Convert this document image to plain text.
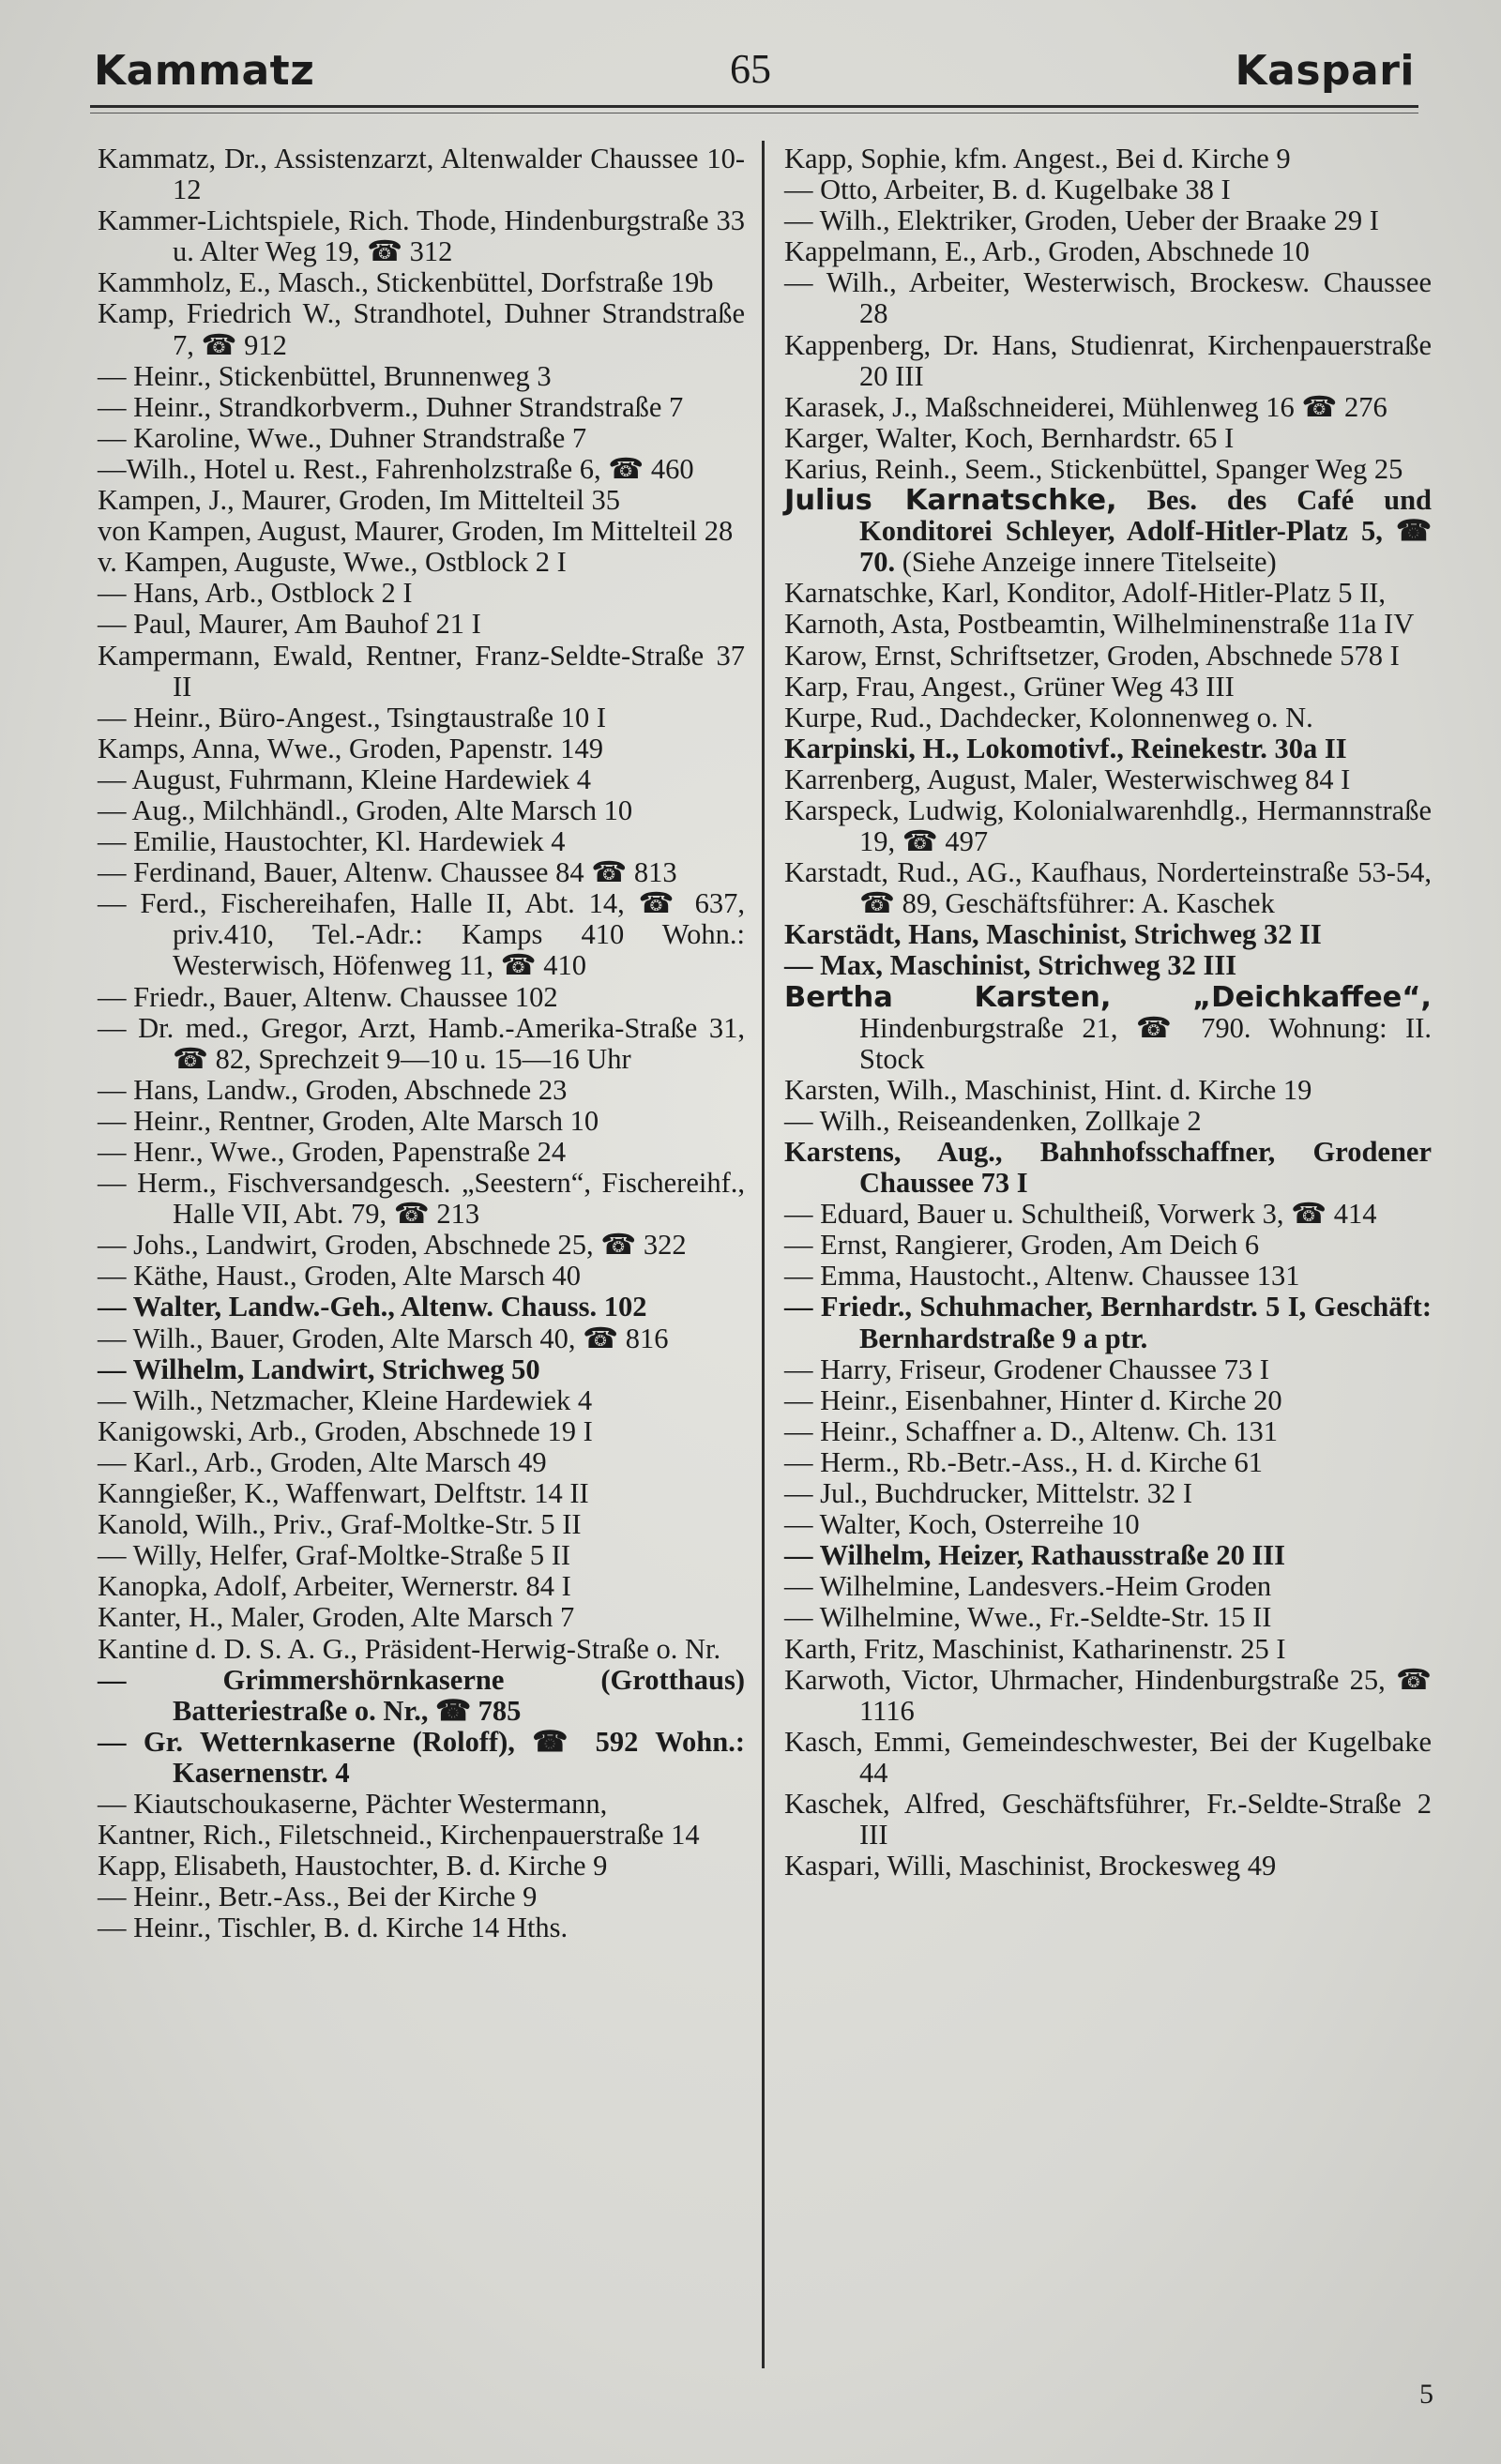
Kammatz	65	Kaspari

Kammatz, Dr., Assistenzarzt, Altenwalder Chaussee 10-12

Kammer-Lichtspiele, Rich. Thode, Hindenburgstraße 33 u. Alter Weg 19, ☎ 312

Kammholz, E., Masch., Stickenbüttel, Dorfstraße 19b

Kamp, Friedrich W., Strandhotel, Duhner Strandstraße 7, ☎ 912

— Heinr., Stickenbüttel, Brunnenweg 3

— Heinr., Strandkorbverm., Duhner Strandstraße 7

— Karoline, Wwe., Duhner Strandstraße 7

—Wilh., Hotel u. Rest., Fahrenholzstraße 6, ☎ 460

Kampen, J., Maurer, Groden, Im Mittelteil 35

von Kampen, August, Maurer, Groden, Im Mittelteil 28

v. Kampen, Auguste, Wwe., Ostblock 2 I

— Hans, Arb., Ostblock 2 I

— Paul, Maurer, Am Bauhof 21 I

Kampermann, Ewald, Rentner, Franz-Seldte-Straße 37 II

— Heinr., Büro-Angest., Tsingtaustraße 10 I

Kamps, Anna, Wwe., Groden, Papenstr. 149

— August, Fuhrmann, Kleine Hardewiek 4

— Aug., Milchhändl., Groden, Alte Marsch 10

— Emilie, Haustochter, Kl. Hardewiek 4

— Ferdinand, Bauer, Altenw. Chaussee 84 ☎ 813

— Ferd., Fischereihafen, Halle II, Abt. 14, ☎ 637, priv.410, Tel.-Adr.: Kamps 410 Wohn.: Westerwisch, Höfenweg 11, ☎ 410

— Friedr., Bauer, Altenw. Chaussee 102

— Dr. med., Gregor, Arzt, Hamb.-Amerika-Straße 31, ☎ 82, Sprechzeit 9—10 u. 15—16 Uhr

— Hans, Landw., Groden, Abschnede 23

— Heinr., Rentner, Groden, Alte Marsch 10

— Henr., Wwe., Groden, Papenstraße 24

— Herm., Fischversandgesch. „Seestern“, Fischereihf., Halle VII, Abt. 79, ☎ 213

— Johs., Landwirt, Groden, Abschnede 25, ☎ 322

— Käthe, Haust., Groden, Alte Marsch 40

— Walter, Landw.-Geh., Altenw. Chauss. 102

— Wilh., Bauer, Groden, Alte Marsch 40, ☎ 816

— Wilhelm, Landwirt, Strichweg 50

— Wilh., Netzmacher, Kleine Hardewiek 4

Kanigowski, Arb., Groden, Abschnede 19 I

— Karl., Arb., Groden, Alte Marsch 49

Kanngießer, K., Waffenwart, Delftstr. 14 II

Kanold, Wilh., Priv., Graf-Moltke-Str. 5 II

— Willy, Helfer, Graf-Moltke-Straße 5 II

Kanopka, Adolf, Arbeiter, Wernerstr. 84 I

Kanter, H., Maler, Groden, Alte Marsch 7

Kantine d. D. S. A. G., Präsident-Herwig-Straße o. Nr.

— Grimmershörnkaserne (Grotthaus) Batteriestraße o. Nr., ☎ 785

— Gr. Wetternkaserne (Roloff), ☎ 592 Wohn.: Kasernenstr. 4

— Kiautschoukaserne, Pächter Westermann,

Kantner, Rich., Filetschneid., Kirchenpauerstraße 14

Kapp, Elisabeth, Haustochter, B. d. Kirche 9

— Heinr., Betr.-Ass., Bei der Kirche 9

— Heinr., Tischler, B. d. Kirche 14 Hths.

Kapp, Sophie, kfm. Angest., Bei d. Kirche 9

— Otto, Arbeiter, B. d. Kugelbake 38 I

— Wilh., Elektriker, Groden, Ueber der Braake 29 I

Kappelmann, E., Arb., Groden, Abschnede 10

— Wilh., Arbeiter, Westerwisch, Brockesw. Chaussee 28

Kappenberg, Dr. Hans, Studienrat, Kirchenpauerstraße 20 III

Karasek, J., Maßschneiderei, Mühlenweg 16 ☎ 276

Karger, Walter, Koch, Bernhardstr. 65 I

Karius, Reinh., Seem., Stickenbüttel, Spanger Weg 25

Julius Karnatschke, Bes. des Café und Konditorei Schleyer, Adolf-Hitler-Platz 5, ☎ 70. (Siehe Anzeige innere Titelseite)

Karnatschke, Karl, Konditor, Adolf-Hitler-Platz 5 II,

Karnoth, Asta, Postbeamtin, Wilhelminenstraße 11a IV

Karow, Ernst, Schriftsetzer, Groden, Abschnede 578 I

Karp, Frau, Angest., Grüner Weg 43 III

Kurpe, Rud., Dachdecker, Kolonnenweg o. N.

Karpinski, H., Lokomotivf., Reinekestr. 30a II

Karrenberg, August, Maler, Westerwischweg 84 I

Karspeck, Ludwig, Kolonialwarenhdlg., Hermannstraße 19, ☎ 497

Karstadt, Rud., AG., Kaufhaus, Norderteinstraße 53-54, ☎ 89, Geschäftsführer: A. Kaschek

Karstädt, Hans, Maschinist, Strichweg 32 II

— Max, Maschinist, Strichweg 32 III

Bertha Karsten, „Deichkaffee“, Hindenburgstraße 21, ☎ 790. Wohnung: II. Stock

Karsten, Wilh., Maschinist, Hint. d. Kirche 19

— Wilh., Reiseandenken, Zollkaje 2

Karstens, Aug., Bahnhofsschaffner, Grodener Chaussee 73 I

— Eduard, Bauer u. Schultheiß, Vorwerk 3, ☎ 414

— Ernst, Rangierer, Groden, Am Deich 6

— Emma, Haustocht., Altenw. Chaussee 131

— Friedr., Schuhmacher, Bernhardstr. 5 I, Geschäft: Bernhardstraße 9 a ptr.

— Harry, Friseur, Grodener Chaussee 73 I

— Heinr., Eisenbahner, Hinter d. Kirche 20

— Heinr., Schaffner a. D., Altenw. Ch. 131

— Herm., Rb.-Betr.-Ass., H. d. Kirche 61

— Jul., Buchdrucker, Mittelstr. 32 I

— Walter, Koch, Osterreihe 10

— Wilhelm, Heizer, Rathausstraße 20 III

— Wilhelmine, Landesvers.-Heim Groden

— Wilhelmine, Wwe., Fr.-Seldte-Str. 15 II

Karth, Fritz, Maschinist, Katharinenstr. 25 I

Karwoth, Victor, Uhrmacher, Hindenburgstraße 25, ☎ 1116

Kasch, Emmi, Gemeindeschwester, Bei der Kugelbake 44

Kaschek, Alfred, Geschäftsführer, Fr.-Seldte-Straße 2 III

Kaspari, Willi, Maschinist, Brockesweg 49

5
